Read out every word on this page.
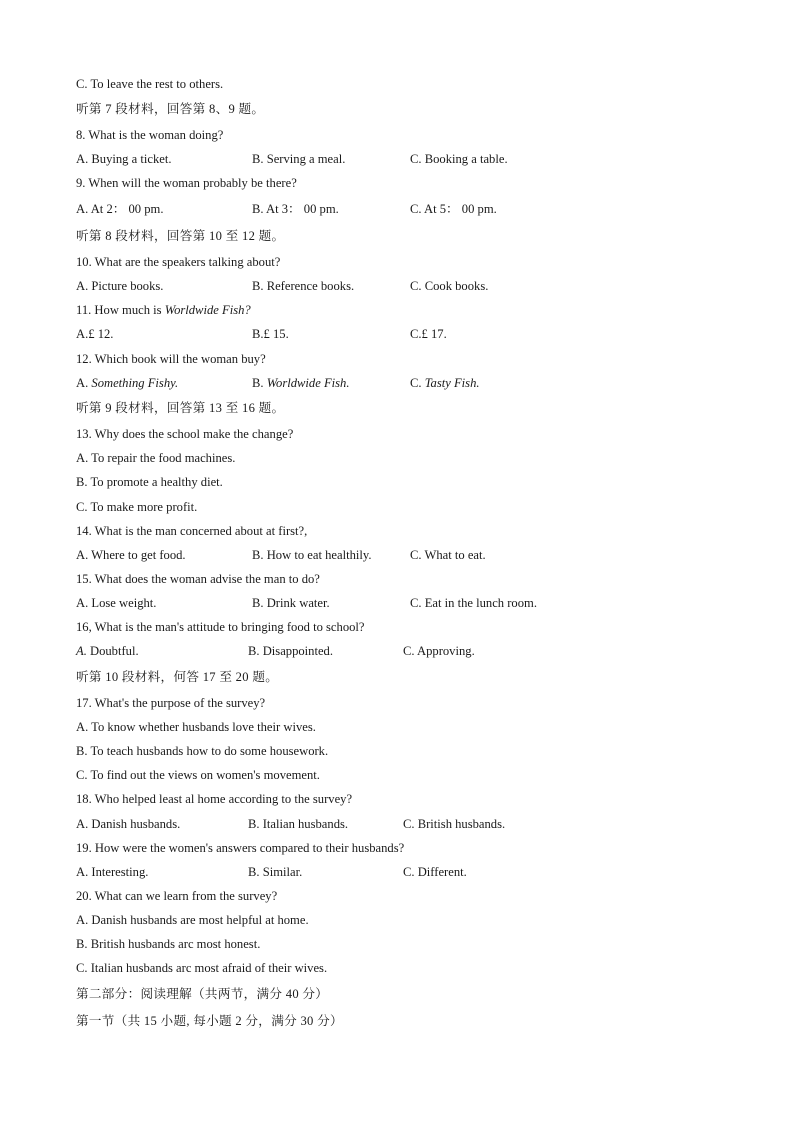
C. To leave the rest to others.
听第 7 段材料，回答第 8、9 题。
8. What is the woman doing?
A. Buying a ticket.	B. Serving a meal.	C. Booking a table.
9. When will the woman probably be there?
A. At 2： 00 pm.	B. At 3： 00 pm.	C. At 5： 00 pm.
听第 8 段材料，回答第 10 至 12 题。
10. What are the speakers talking about?
A. Picture books.	B. Reference books.	C. Cook books.
11. How much is Worldwide Fish?
A.£ 12.	B.£ 15.	C.£ 17.
12. Which book will the woman buy?
A. Something Fishy.	B. Worldwide Fish.	C. Tasty Fish.
听第 9 段材料，回答第 13 至 16 题。
13. Why does the school make the change?
A. To repair the food machines.
B. To promote a healthy diet.
C. To make more profit.
14. What is the man concerned about at first?,
A. Where to get food.	B. How to eat healthily.	C. What to eat.
15. What does the woman advise the man to do?
A. Lose weight.	B. Drink water.	C. Eat in the lunch room.
16, What is the man's attitude to bringing food to school?
A. Doubtful.	B. Disappointed.	C. Approving.
听第 10 段材料，何答 17 至 20 题。
17. What's the purpose of the survey?
A. To know whether husbands love their wives.
B. To teach husbands how to do some housework.
C. To find out the views on women's movement.
18. Who helped least al home according to the survey?
A. Danish husbands.	B. Italian husbands.	C. British husbands.
19. How were the women's answers compared to their husbands?
A. Interesting.	B. Similar.	C. Different.
20. What can we learn from the survey?
A. Danish husbands are most helpful at home.
B. British husbands arc most honest.
C. Italian husbands arc most afraid of their wives.
第二部分：阅读理解（共两节，满分 40 分）
第一节（共 15 小题, 每小题 2 分，满分 30 分）
